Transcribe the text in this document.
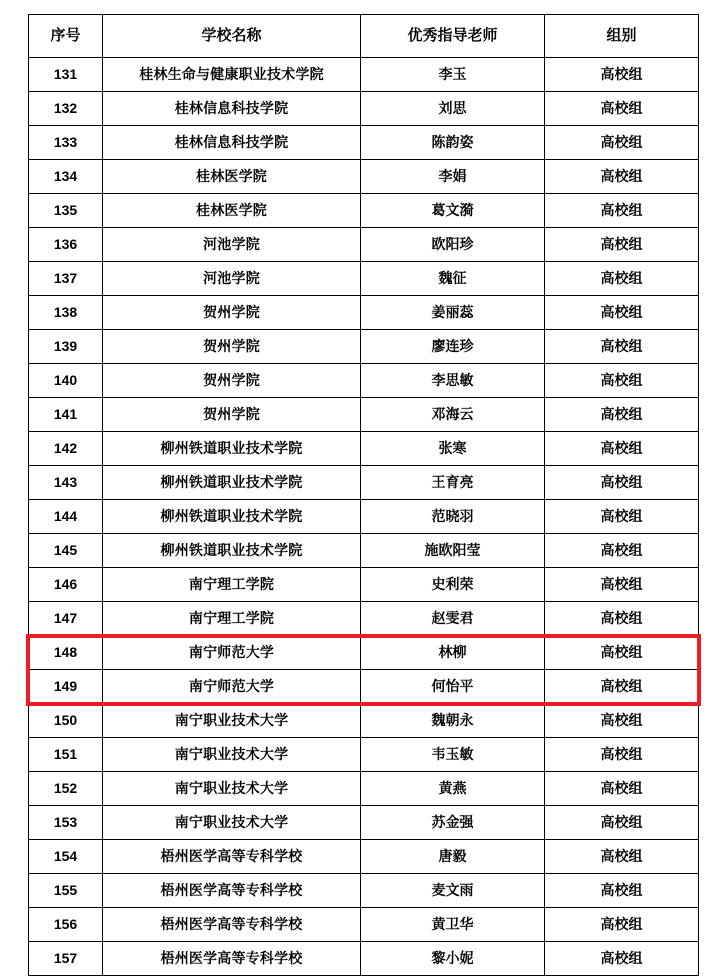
序号	学校名称	优秀指导老师	组别
131	桂林生命与健康职业技术学院	李玉	高校组
132	桂林信息科技学院	刘思	高校组
133	桂林信息科技学院	陈韵姿	高校组
134	桂林医学院	李娟	高校组
135	桂林医学院	葛文漪	高校组
136	河池学院	欧阳珍	高校组
137	河池学院	魏征	高校组
138	贺州学院	姜丽蕊	高校组
139	贺州学院	廖连珍	高校组
140	贺州学院	李思敏	高校组
141	贺州学院	邓海云	高校组
142	柳州铁道职业技术学院	张寒	高校组
143	柳州铁道职业技术学院	王育亮	高校组
144	柳州铁道职业技术学院	范晓羽	高校组
145	柳州铁道职业技术学院	施欧阳莹	高校组
146	南宁理工学院	史利荣	高校组
147	南宁理工学院	赵雯君	高校组
148	南宁师范大学	林柳	高校组
149	南宁师范大学	何怡平	高校组
150	南宁职业技术大学	魏朝永	高校组
151	南宁职业技术大学	韦玉敏	高校组
152	南宁职业技术大学	黄燕	高校组
153	南宁职业技术大学	苏金强	高校组
154	梧州医学高等专科学校	唐毅	高校组
155	梧州医学高等专科学校	麦文雨	高校组
156	梧州医学高等专科学校	黄卫华	高校组
157	梧州医学高等专科学校	黎小妮	高校组
